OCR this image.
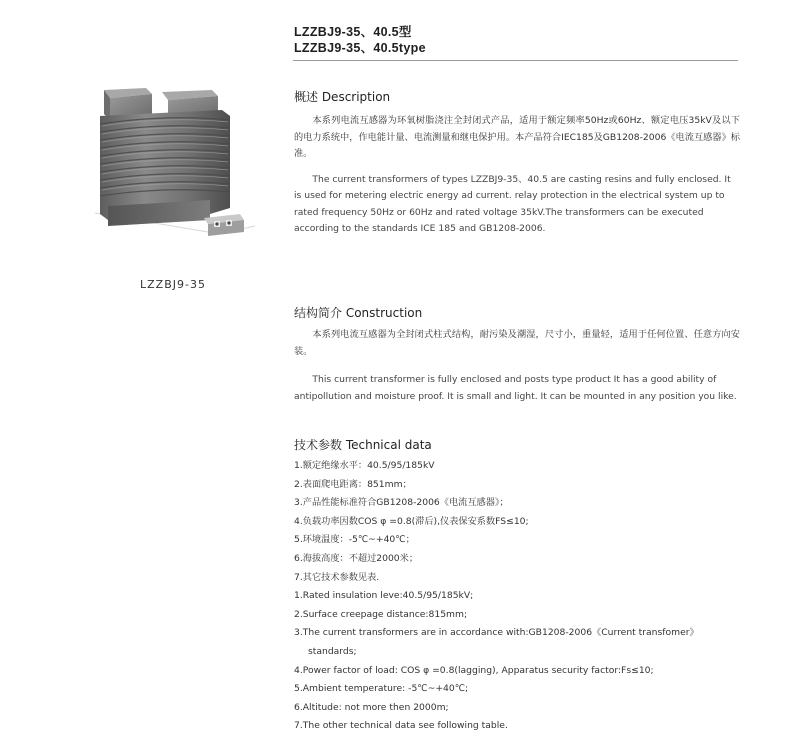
LZZBJ9-35、40.5型
LZZBJ9-35、40.5type
LZZBJ9-35
概述 Description

本系列电流互感器为环氧树脂浇注全封闭式产品，适用于额定频率50Hz或60Hz、额定电压35kV及以下的电力系统中，作电能计量、电流测量和继电保护用。本产品符合IEC185及GB1208-2006《电流互感器》标准。

The current transformers of types LZZBJ9-35、40.5 are casting resins and fully enclosed. It is used for metering electric energy ad current. relay protection in the electrical system up to rated frequency 50Hz or 60Hz and rated voltage 35kV.The transformers can be executed according to the standards ICE 185 and GB1208-2006.

结构简介 Construction

本系列电流互感器为全封闭式柱式结构，耐污染及潮湿，尺寸小，重量轻，适用于任何位置、任意方向安装。

This current transformer is fully enclosed and posts type product It has a good ability of antipollution and moisture proof. It is small and light. It can be mounted in any position you like.

技术参数 Technical data
1.额定绝缘水平：40.5/95/185kV
2.表面爬电距离：851mm；
3.产品性能标准符合GB1208-2006《电流互感器》；
4.负载功率因数COS φ =0.8(滞后),仪表保安系数FS≤10;
5.环境温度：-5℃~+40℃；
6.海拔高度：不超过2000米；
7.其它技术参数见表.
1.Rated insulation leve:40.5/95/185kV;
2.Surface creepage distance:815mm;
3.The current transformers are in accordance with:GB1208-2006《Current transfomer》
standards;
4.Power factor of load: COS φ =0.8(lagging), Apparatus security factor:Fs≤10;
5.Ambient temperature: -5℃~+40℃;
6.Altitude: not more then 2000m;
7.The other technical data see following table.
